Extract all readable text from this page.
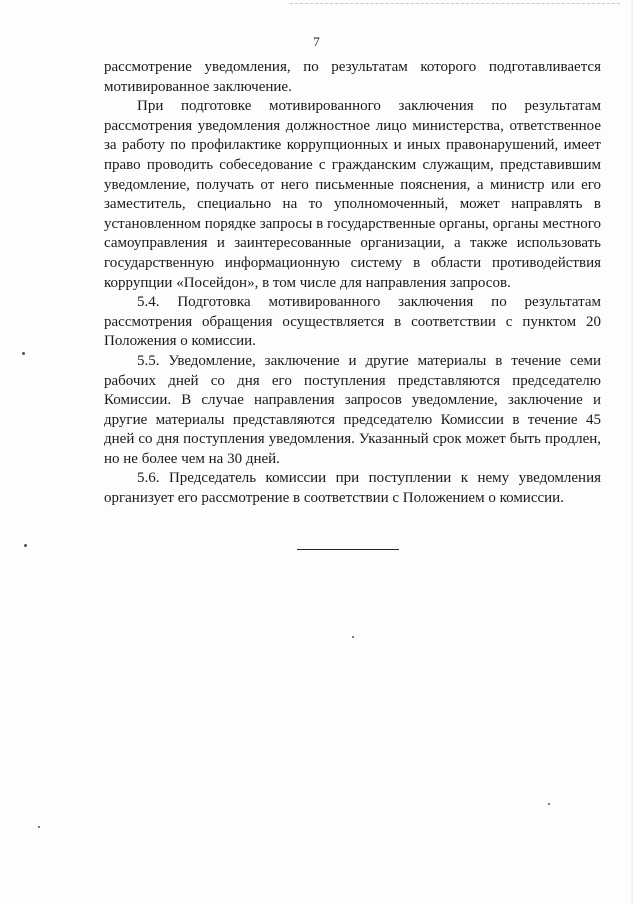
7

рассмотрение уведомления, по результатам которого подготавливается мотивированное заключение.

При подготовке мотивированного заключения по результатам рассмотрения уведомления должностное лицо министерства, ответственное за работу по профилактике коррупционных и иных правонарушений, имеет право проводить собеседование с гражданским служащим, представившим уведомление, получать от него письменные пояснения, а министр или его заместитель, специально на то уполномоченный, может направлять в установленном порядке запросы в государственные органы, органы местного самоуправления и заинтересованные организации, а также использовать государственную информационную систему в области противодействия коррупции «Посейдон», в том числе для направления запросов.

5.4. Подготовка мотивированного заключения по результатам рассмотрения обращения осуществляется в соответствии с пунктом 20 Положения о комиссии.

5.5. Уведомление, заключение и другие материалы в течение семи рабочих дней со дня его поступления представляются председателю Комиссии. В случае направления запросов уведомление, заключение и другие материалы представляются председателю Комиссии в течение 45 дней со дня поступления уведомления. Указанный срок может быть продлен, но не более чем на 30 дней.

5.6. Председатель комиссии при поступлении к нему уведомления организует его рассмотрение в соответствии с Положением о комиссии.
